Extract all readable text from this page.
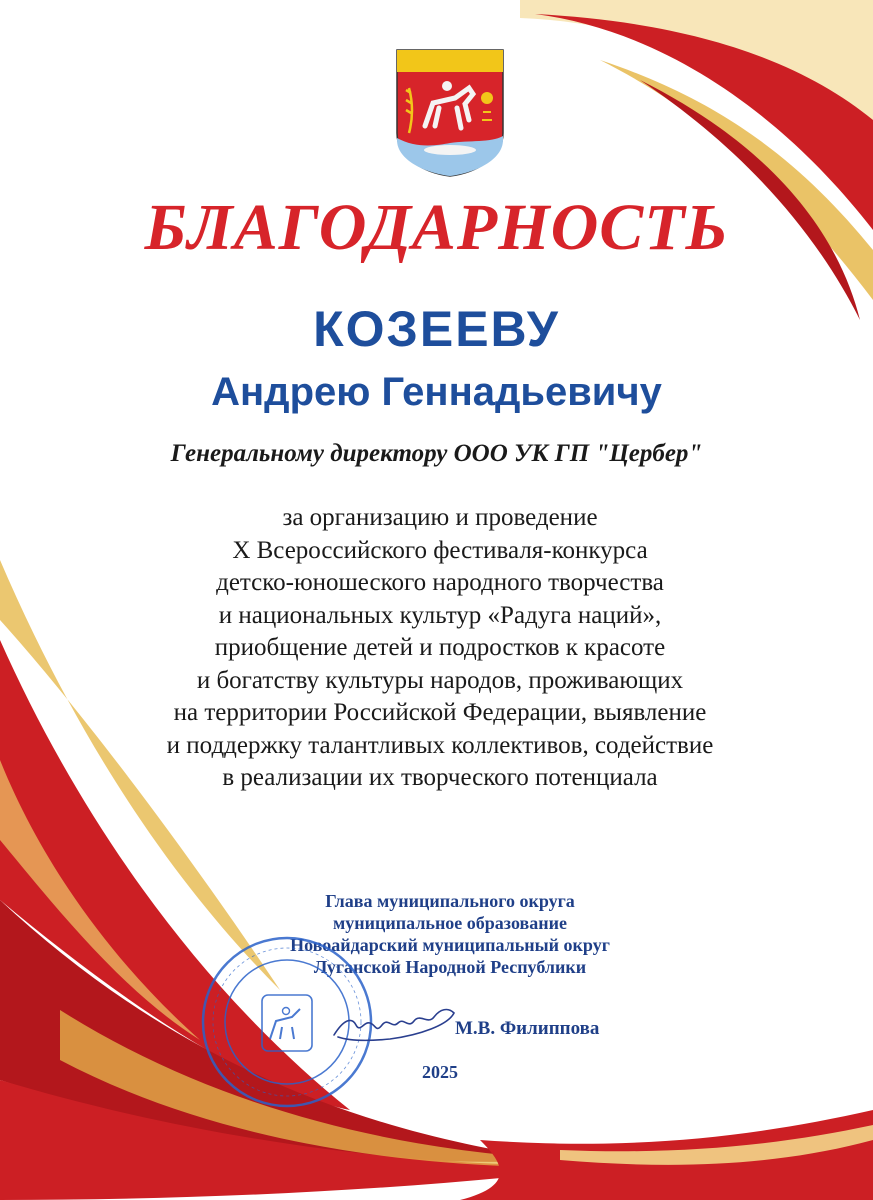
БЛАГОДАРНОСТЬ
КОЗЕЕВУ
Андрею Геннадьевичу
Генеральному директору ООО УК ГП "Цербер"
за организацию и проведение
X Всероссийского фестиваля-конкурса
детско-юношеского народного творчества
и национальных культур «Радуга наций»,
приобщение детей и подростков к красоте
и богатству культуры народов, проживающих
на территории Российской Федерации, выявление
и поддержку талантливых коллективов, содействие
в реализации их творческого потенциала
Глава муниципального округа
муниципальное образование
Новоайдарский муниципальный округ
Луганской Народной Республики
М.В. Филиппова
2025
